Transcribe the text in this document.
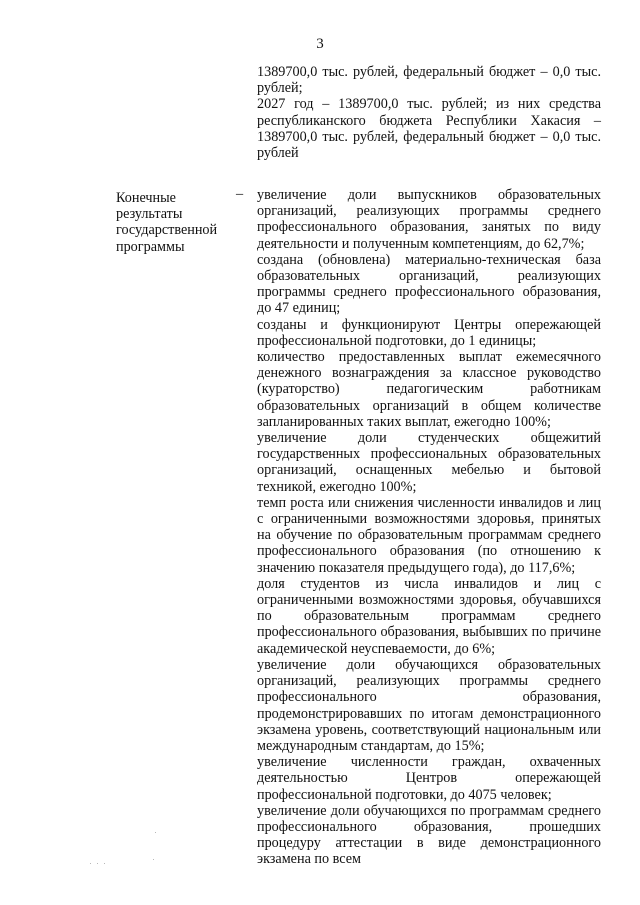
3

1389700,0 тыс. рублей, федеральный бюджет – 0,0 тыс. рублей;

2027 год – 1389700,0 тыс. рублей; из них средства республиканского бюджета Республики Хакасия – 1389700,0 тыс. рублей, федеральный бюджет – 0,0 тыс. рублей

Конечные
результаты
государственной
программы
– увеличение доли выпускников образовательных организаций, реализующих программы среднего профессионального образования, занятых по виду деятельности и полученным компетенциям, до 62,7%;

создана (обновлена) материально-техническая база образовательных организаций, реализующих программы среднего профессионального образования, до 47 единиц;

созданы и функционируют Центры опережающей профессиональной подготовки, до 1 единицы;

количество предоставленных выплат ежемесячного денежного вознаграждения за классное руководство (кураторство) педагогическим работникам образовательных организаций в общем количестве запланированных таких выплат, ежегодно 100%;

увеличение доли студенческих общежитий государственных профессиональных образовательных организаций, оснащенных мебелью и бытовой техникой, ежегодно 100%;

темп роста или снижения численности инвалидов и лиц с ограниченными возможностями здоровья, принятых на обучение по образовательным программам среднего профессионального образования (по отношению к значению показателя предыдущего года), до 117,6%;

доля студентов из числа инвалидов и лиц с ограниченными возможностями здоровья, обучавшихся по образовательным программам среднего профессионального образования, выбывших по причине академической неуспеваемости, до 6%;

увеличение доли обучающихся образовательных организаций, реализующих программы среднего профессионального образования, продемонстрировавших по итогам демонстрационного экзамена уровень, соответствующий национальным или международным стандартам, до 15%;

увеличение численности граждан, охваченных деятельностью Центров опережающей профессиональной подготовки, до 4075 человек;

увеличение доли обучающихся по программам среднего профессионального образования, прошедших процедуру аттестации в виде демонстрационного экзамена по всем
